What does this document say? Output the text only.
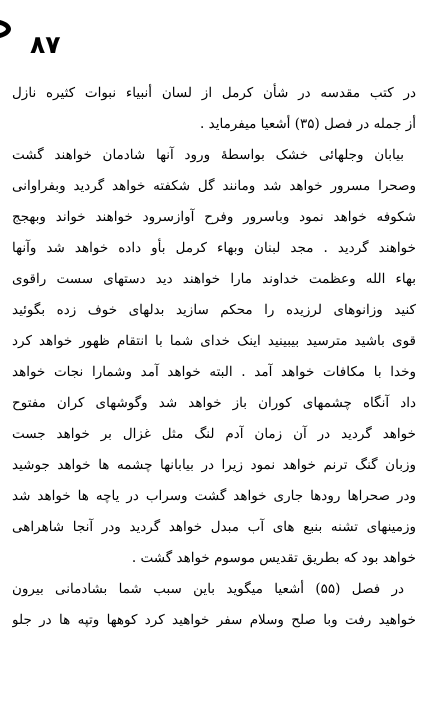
۸۷
در کتب مقدسه در شأن کرمل از لسان أنبیاء نبوات کثیره نازل
أز جمله در فصل (۳۵) أشعیا میفرماید .
بیابان وجلهائی خشک بواسطهٔ ورود آنها شادمان خواهند گشت
وصحرا مسرور خواهد شد ومانند گل شکفته خواهد گردید وبفراوانی
شکوفه خواهد نمود وباسرور وفرح آوازسرود خواهند خواند وبهجج
خواهند گردید . مجد لبنان وبهاء کرمل بأو داده خواهد شد وآنها
بهاء الله وعظمت خداوند مارا خواهند دید دستهای سست راقوی
کنید وزانوهای لرزیده را محکم سازید بدلهای خوف زده بگوئید
قوی باشید مترسید بیبینید اینک خدای شما با انتقام ظهور خواهد کرد
وخدا با مکافات خواهد آمد . البته خواهد آمد وشمارا نجات خواهد
داد آنگاه چشمهای کوران باز خواهد شد وگوشهای کران مفتوح
خواهد گردید در آن زمان آدم لنگ مثل غزال بر خواهد جست
وزبان گنگ ترنم خواهد نمود زیرا در بیابانها چشمه ها خواهد جوشید
ودر صحراها رودها جاری خواهد گشت وسراب در یاچه ها خواهد شد
وزمینهای تشنه بنبع های آب مبدل خواهد گردید ودر آنجا شاهراهی
خواهد بود که بطریق تقدیس موسوم خواهد گشت .
در فصل (۵۵) أشعیا میگوید باین سبب شما بشادمانی بیرون
خواهید رفت وبا صلح وسلام سفر خواهید کرد کوهها وتپه ها در جلو
